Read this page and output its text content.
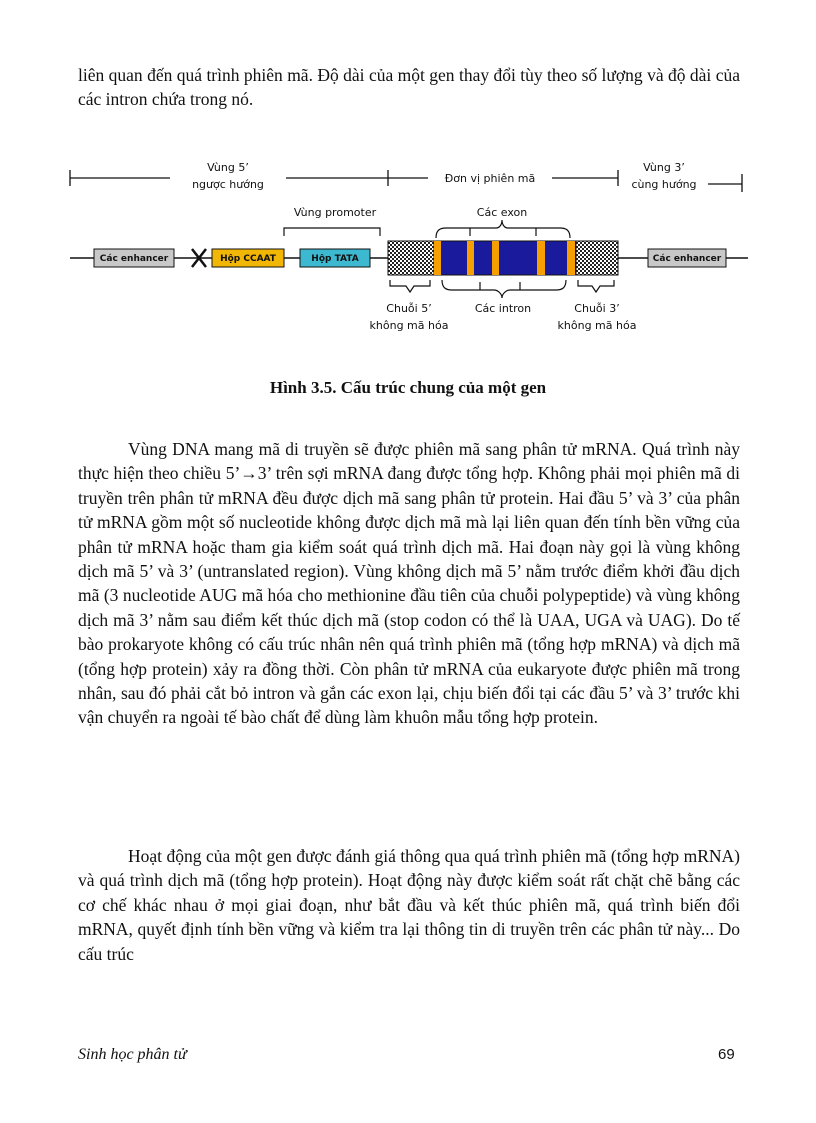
liên quan đến quá trình phiên mã. Độ dài của một gen thay đổi tùy theo số lượng và độ dài của các intron chứa trong nó.

Vùng 5’
ngược hướng	Đơn vị phiên mã
Vùng 3’
cùng hướng
Vùng promoter	Các exon
Các enhancer	Hộp CCAAT	Hộp TATA	Các enhancer
Chuỗi 5’
không mã hóa
Các intron	Chuỗi 3’
không mã hóa
Hình 3.5. Cấu trúc chung của một gen

Vùng DNA mang mã di truyền sẽ được phiên mã sang phân tử mRNA. Quá trình này thực hiện theo chiều 5’→3’ trên sợi mRNA đang được tổng hợp. Không phải mọi phiên mã di truyền trên phân tử mRNA đều được dịch mã sang phân tử protein. Hai đầu 5’ và 3’ của phân tử mRNA gồm một số nucleotide không được dịch mã mà lại liên quan đến tính bền vững của phân tử mRNA hoặc tham gia kiểm soát quá trình dịch mã. Hai đoạn này gọi là vùng không dịch mã 5’ và 3’ (untranslated region). Vùng không dịch mã 5’ nằm trước điểm khởi đầu dịch mã (3 nucleotide AUG mã hóa cho methionine đầu tiên của chuỗi polypeptide) và vùng không dịch mã 3’ nằm sau điểm kết thúc dịch mã (stop codon có thể là UAA, UGA và UAG). Do tế bào prokaryote không có cấu trúc nhân nên quá trình phiên mã (tổng hợp mRNA) và dịch mã (tổng hợp protein) xảy ra đồng thời. Còn phân tử mRNA của eukaryote được phiên mã trong nhân, sau đó phải cắt bỏ intron và gắn các exon lại, chịu biến đổi tại các đầu 5’ và 3’ trước khi vận chuyển ra ngoài tế bào chất để dùng làm khuôn mẫu tổng hợp protein.

Hoạt động của một gen được đánh giá thông qua quá trình phiên mã (tổng hợp mRNA) và quá trình dịch mã (tổng hợp protein). Hoạt động này được kiểm soát rất chặt chẽ bằng các cơ chế khác nhau ở mọi giai đoạn, như bắt đầu và kết thúc phiên mã, quá trình biến đổi mRNA, quyết định tính bền vững và kiểm tra lại thông tin di truyền trên các phân tử này... Do cấu trúc

Sinh học phân tử	69
